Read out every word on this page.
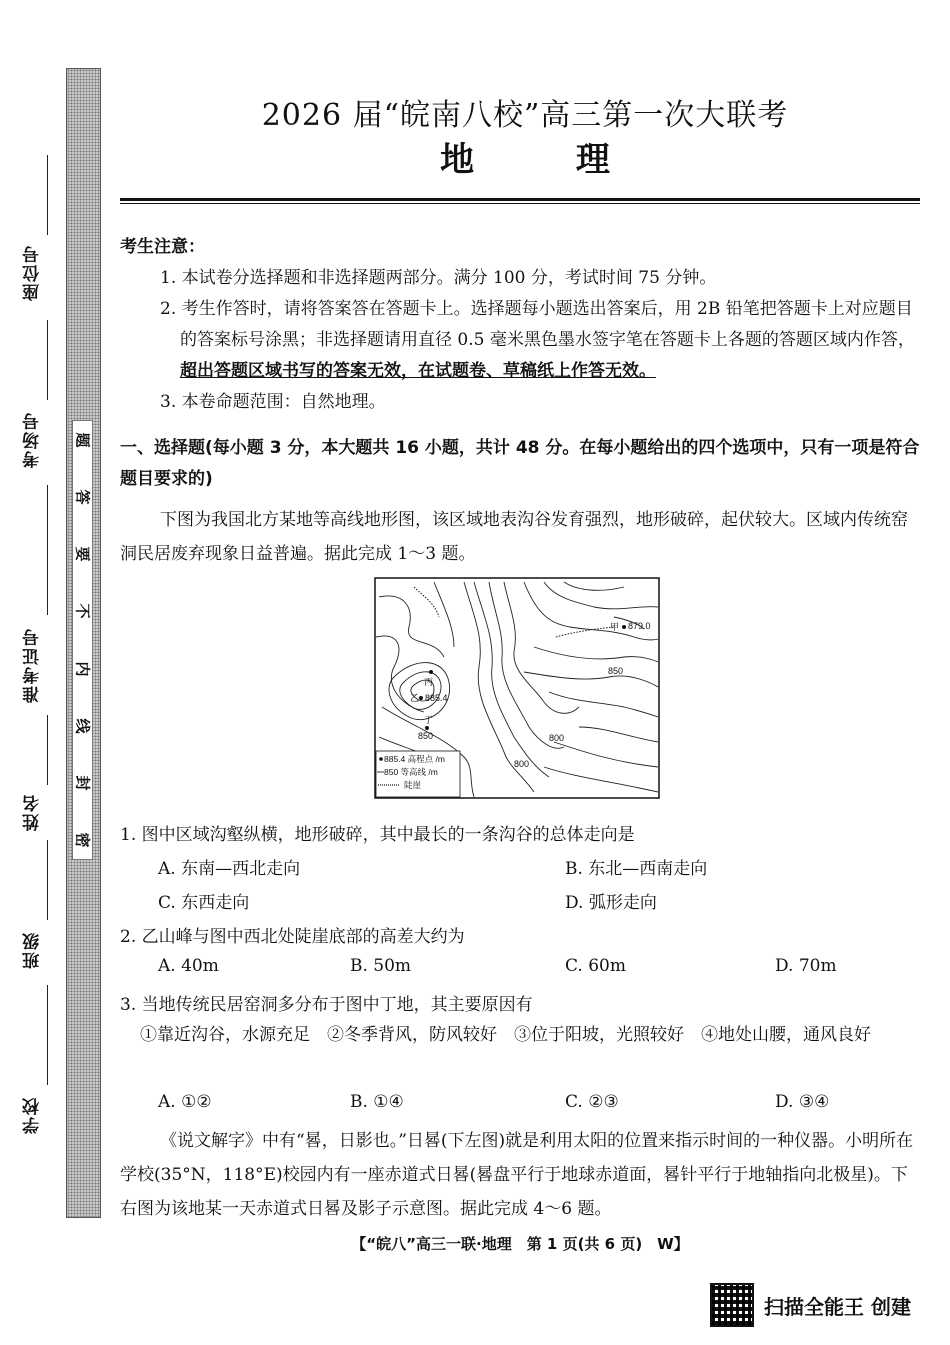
座位号
考场号
准考证号
姓名
班级
学校
题
答
要
不
内
线
封
密
2026 届“皖南八校”高三第一次大联考
地 理
考生注意：
1. 本试卷分选择题和非选择题两部分。满分 100 分，考试时间 75 分钟。
2. 考生作答时，请将答案答在答题卡上。选择题每小题选出答案后，用 2B 铅笔把答题卡上对应题目的答案标号涂黑；非选择题请用直径 0.5 毫米黑色墨水签字笔在答题卡上各题的答题区域内作答，超出答题区域书写的答案无效，在试题卷、草稿纸上作答无效。
3. 本卷命题范围：自然地理。
一、选择题(每小题 3 分，本大题共 16 小题，共计 48 分。在每小题给出的四个选项中，只有一项是符合题目要求的)
下图为我国北方某地等高线地形图，该区域地表沟谷发育强烈，地形破碎，起伏较大。区域内传统窑洞民居废弃现象日益普遍。据此完成 1～3 题。
甲 879.0
丙
乙 885.4
丁
850
850
800
800
885.4 高程点 /m
850 等高线 /m
陡崖
1. 图中区域沟壑纵横，地形破碎，其中最长的一条沟谷的总体走向是
A. 东南—西北走向	B. 东北—西南走向
C. 东西走向	D. 弧形走向
2. 乙山峰与图中西北处陡崖底部的高差大约为
A. 40m	B. 50m	C. 60m	D. 70m
3. 当地传统民居窑洞多分布于图中丁地，其主要原因有
①靠近沟谷，水源充足　②冬季背风，防风较好　③位于阳坡，光照较好　④地处山腰，通风良好
A. ①②	B. ①④	C. ②③	D. ③④
《说文解字》中有“晷，日影也。”日晷(下左图)就是利用太阳的位置来指示时间的一种仪器。小明所在学校(35°N，118°E)校园内有一座赤道式日晷(晷盘平行于地球赤道面，晷针平行于地轴指向北极星)。下右图为该地某一天赤道式日晷及影子示意图。据此完成 4～6 题。
【“皖八”高三一联·地理　第 1 页(共 6 页)　W】
扫描全能王 创建
